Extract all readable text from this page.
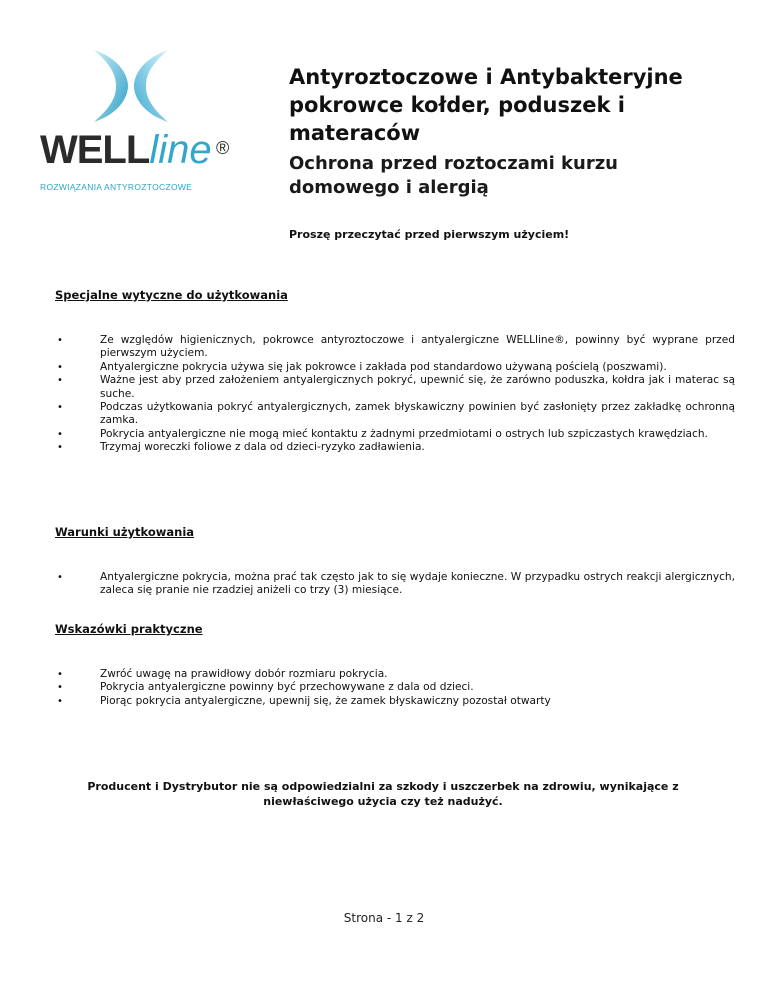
WELLline ®
ROZWIĄZANIA ANTYROZTOCZOWE
Antyroztoczowe i Antybakteryjne pokrowce kołder, poduszek i materaców
Ochrona przed roztoczami kurzu domowego i alergią

Proszę przeczytać przed pierwszym użyciem!

Specjalne wytyczne do użytkowania

• Ze względów higienicznych, pokrowce antyroztoczowe i antyalergiczne WELLline®, powinny być wyprane przed pierwszym użyciem.
• Antyalergiczne pokrycia używa się jak pokrowce i zakłada pod standardowo używaną pościelą (poszwami).
• Ważne jest aby przed założeniem antyalergicznych pokryć, upewnić się, że zarówno poduszka, kołdra jak i materac są suche.
• Podczas użytkowania pokryć antyalergicznych, zamek błyskawiczny powinien być zasłonięty przez zakładkę ochronną zamka.
• Pokrycia antyalergiczne nie mogą mieć kontaktu z żadnymi przedmiotami o ostrych lub szpiczastych krawędziach.
• Trzymaj woreczki foliowe z dala od dzieci-ryzyko zadławienia.

Warunki użytkowania

• Antyalergiczne pokrycia, można prać tak często jak to się wydaje konieczne. W przypadku ostrych reakcji alergicznych, zaleca się pranie nie rzadziej aniżeli co trzy (3) miesiące.

Wskazówki praktyczne

• Zwróć uwagę na prawidłowy dobór rozmiaru pokrycia.
• Pokrycia antyalergiczne powinny być przechowywane z dala od dzieci.
• Piorąc pokrycia antyalergiczne, upewnij się, że zamek błyskawiczny pozostał otwarty

Producent i Dystrybutor nie są odpowiedzialni za szkody i uszczerbek na zdrowiu, wynikające z niewłaściwego użycia czy też nadużyć.

Strona - 1 z 2
